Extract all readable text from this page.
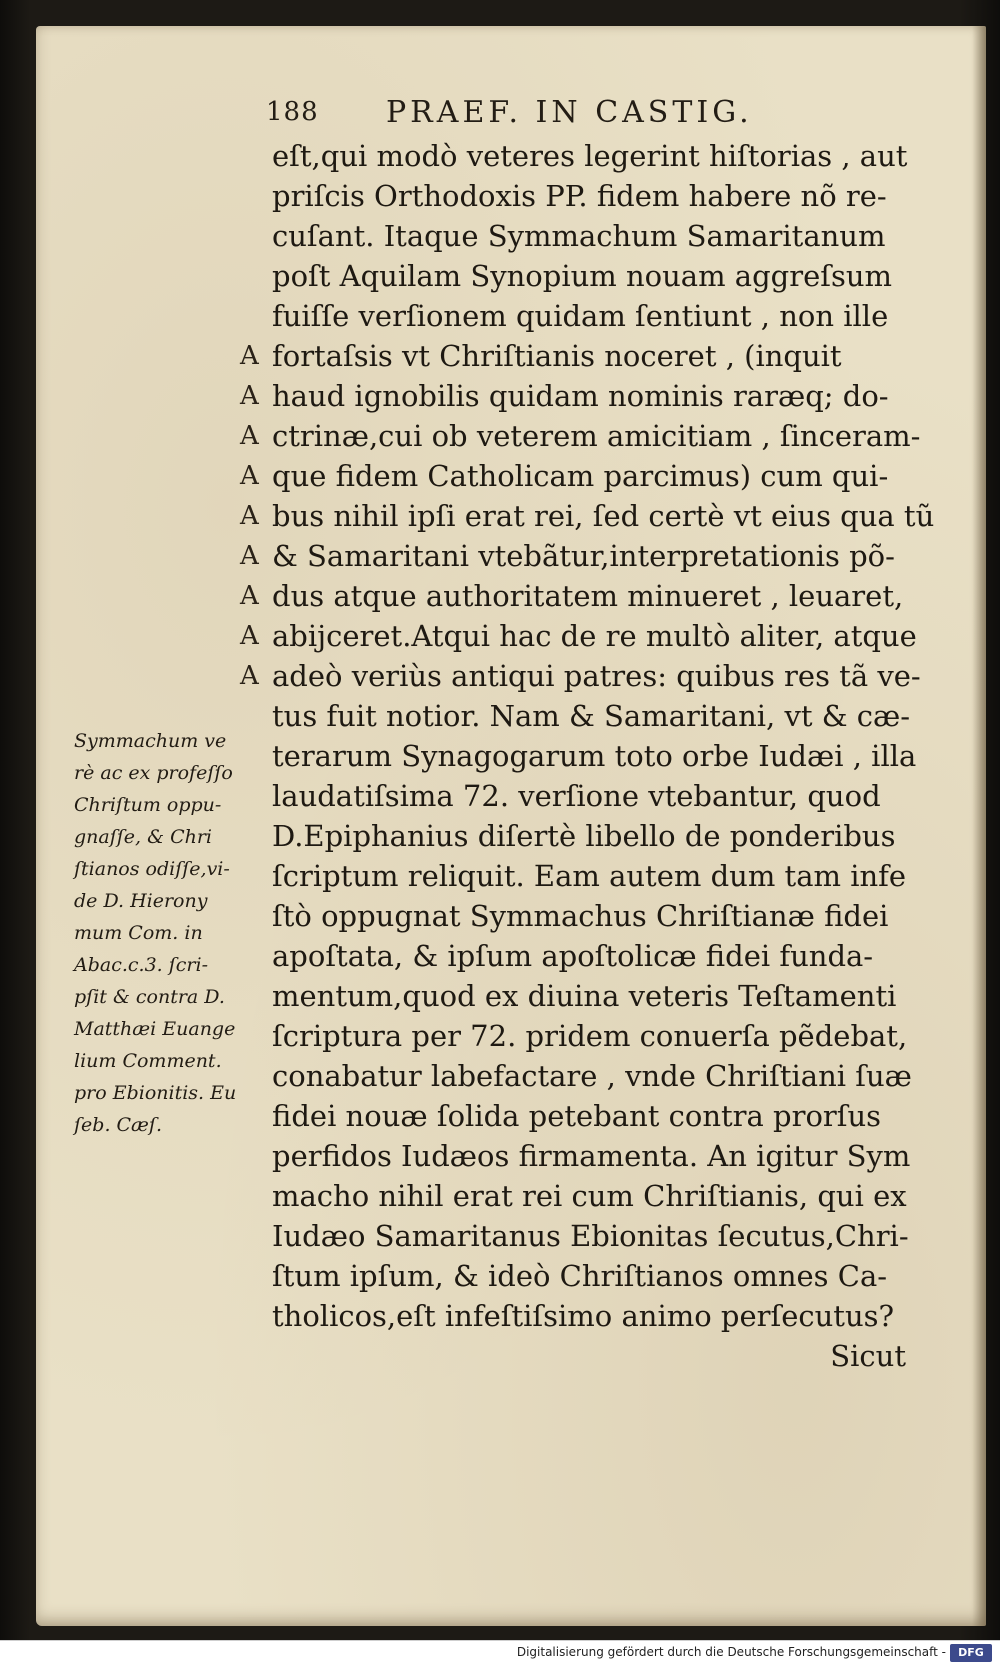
188 PRAEF. IN CASTIG.
eſt,qui modò veteres legerint hiſtorias , aut
priſcis Orthodoxis PP. fidem habere nõ re-
cuſant. Itaque Symmachum Samaritanum
poſt Aquilam Synopium nouam aggreſsum
fuiſſe verſionem quidam ſentiunt , non ille
A fortaſsis vt Chriſtianis noceret , (inquit
A haud ignobilis quidam nominis raræq; do-
A ctrinæ,cui ob veterem amicitiam , ſinceram-
A que fidem Catholicam parcimus) cum qui-
A bus nihil ipſi erat rei, ſed certè vt eius qua tũ
A & Samaritani vtebãtur,interpretationis põ-
A dus atque authoritatem minueret , leuaret,
A abijceret.Atqui hac de re multò aliter, atque
A adeò veriùs antiqui patres: quibus res tã ve-
tus fuit notior. Nam & Samaritani, vt & cæ-
terarum Synagogarum toto orbe Iudæi , illa
laudatiſsima 72. verſione vtebantur, quod
D.Epiphanius diſertè libello de ponderibus
ſcriptum reliquit. Eam autem dum tam infe
ſtò oppugnat Symmachus Chriſtianæ fidei
apoſtata, & ipſum apoſtolicæ fidei funda-
mentum,quod ex diuina veteris Teſtamenti
ſcriptura per 72. pridem conuerſa pẽdebat,
conabatur labefactare , vnde Chriſtiani ſuæ
fidei nouæ ſolida petebant contra prorſus
perfidos Iudæos firmamenta. An igitur Sym
macho nihil erat rei cum Chriſtianis, qui ex
Iudæo Samaritanus Ebionitas ſecutus,Chri-
ſtum ipſum, & ideò Chriſtianos omnes Ca-
tholicos,eſt infeſtiſsimo animo perſecutus?
Sicut
Symmachum ve
rè ac ex profeſſo
Chriſtum oppu-
gnaſſe, & Chri
ſtianos odiſſe,vi-
de D. Hierony
mum Com. in
Abac.c.3. ſcri-
pſit & contra D.
Matthæi Euange
lium Comment.
pro Ebionitis. Eu
ſeb. Cæſ.
Digitalisierung gefördert durch die Deutsche Forschungsgemeinschaft -	DFG
